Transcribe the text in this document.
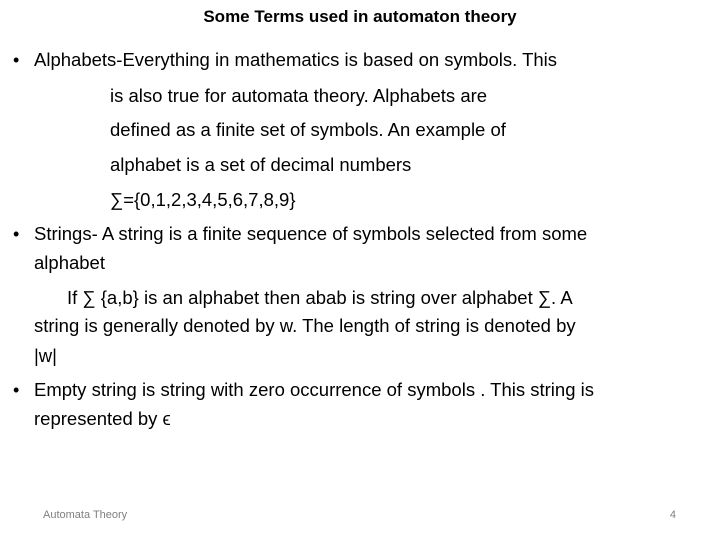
Some Terms used in automaton theory
• Alphabets-Everything in mathematics is based on symbols. This
is also true for automata theory. Alphabets are
defined as a finite set of symbols. An example of
alphabet is a set of decimal numbers
∑={0,1,2,3,4,5,6,7,8,9}
• Strings- A string is a finite sequence of symbols selected from some
alphabet
If ∑ {a,b} is an alphabet then abab is string over alphabet ∑. A
string is generally denoted by w. The length of string is denoted by
|w|
• Empty string is string with zero occurrence of symbols . This string is
represented by ϵ
Automata Theory	4
